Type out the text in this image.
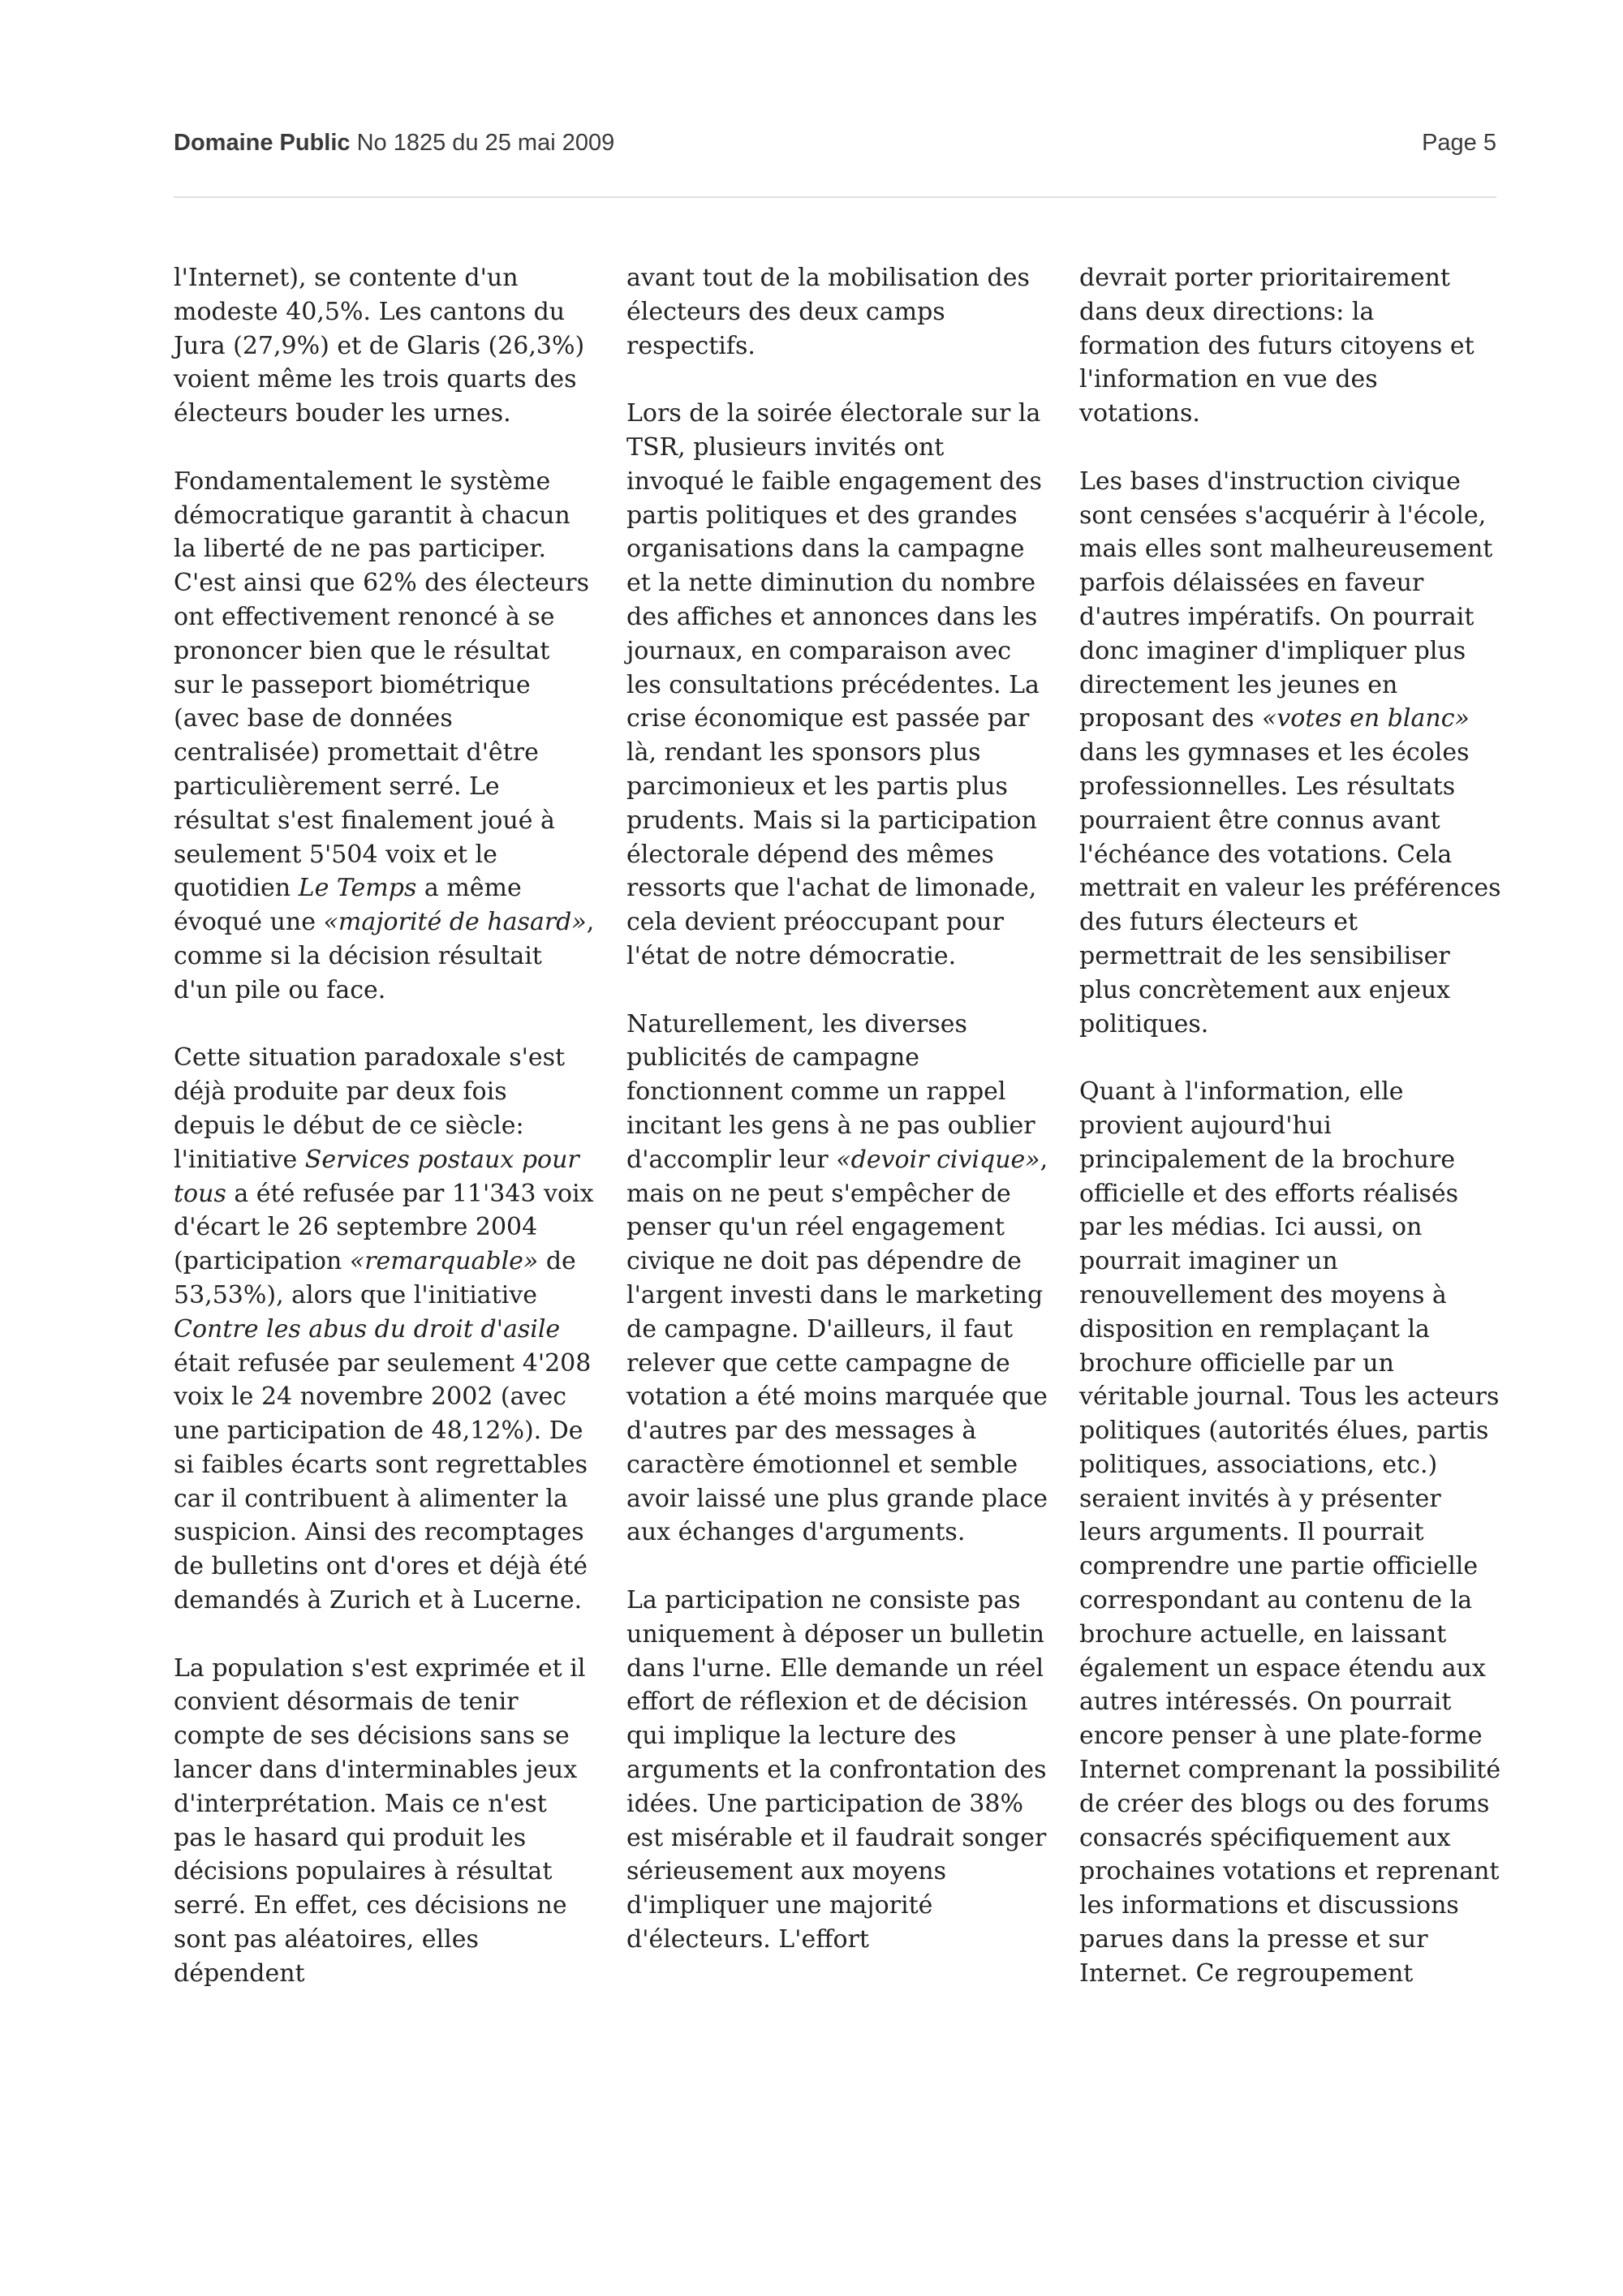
Domaine Public No 1825 du 25 mai 2009	Page 5

l'Internet), se contente d'un modeste 40,5%. Les cantons du Jura (27,9%) et de Glaris (26,3%) voient même les trois quarts des électeurs bouder les urnes.

Fondamentalement le système démocratique garantit à chacun la liberté de ne pas participer. C'est ainsi que 62% des électeurs ont effectivement renoncé à se prononcer bien que le résultat sur le passeport biométrique (avec base de données centralisée) promettait d'être particulièrement serré. Le résultat s'est finalement joué à seulement 5'504 voix et le quotidien Le Temps a même évoqué une «majorité de hasard», comme si la décision résultait d'un pile ou face.

Cette situation paradoxale s'est déjà produite par deux fois depuis le début de ce siècle: l'initiative Services postaux pour tous a été refusée par 11'343 voix d'écart le 26 septembre 2004 (participation «remarquable» de 53,53%), alors que l'initiative Contre les abus du droit d'asile était refusée par seulement 4'208 voix le 24 novembre 2002 (avec une participation de 48,12%). De si faibles écarts sont regrettables car il contribuent à alimenter la suspicion. Ainsi des recomptages de bulletins ont d'ores et déjà été demandés à Zurich et à Lucerne.

La population s'est exprimée et il convient désormais de tenir compte de ses décisions sans se lancer dans d'interminables jeux d'interprétation. Mais ce n'est pas le hasard qui produit les décisions populaires à résultat serré. En effet, ces décisions ne sont pas aléatoires, elles dépendent

avant tout de la mobilisation des électeurs des deux camps respectifs.

Lors de la soirée électorale sur la TSR, plusieurs invités ont invoqué le faible engagement des partis politiques et des grandes organisations dans la campagne et la nette diminution du nombre des affiches et annonces dans les journaux, en comparaison avec les consultations précédentes. La crise économique est passée par là, rendant les sponsors plus parcimonieux et les partis plus prudents. Mais si la participation électorale dépend des mêmes ressorts que l'achat de limonade, cela devient préoccupant pour l'état de notre démocratie.

Naturellement, les diverses publicités de campagne fonctionnent comme un rappel incitant les gens à ne pas oublier d'accomplir leur «devoir civique», mais on ne peut s'empêcher de penser qu'un réel engagement civique ne doit pas dépendre de l'argent investi dans le marketing de campagne. D'ailleurs, il faut relever que cette campagne de votation a été moins marquée que d'autres par des messages à caractère émotionnel et semble avoir laissé une plus grande place aux échanges d'arguments.

La participation ne consiste pas uniquement à déposer un bulletin dans l'urne. Elle demande un réel effort de réflexion et de décision qui implique la lecture des arguments et la confrontation des idées. Une participation de 38% est misérable et il faudrait songer sérieusement aux moyens d'impliquer une majorité d'électeurs. L'effort

devrait porter prioritairement dans deux directions: la formation des futurs citoyens et l'information en vue des votations.

Les bases d'instruction civique sont censées s'acquérir à l'école, mais elles sont malheureusement parfois délaissées en faveur d'autres impératifs. On pourrait donc imaginer d'impliquer plus directement les jeunes en proposant des «votes en blanc» dans les gymnases et les écoles professionnelles. Les résultats pourraient être connus avant l'échéance des votations. Cela mettrait en valeur les préférences des futurs électeurs et permettrait de les sensibiliser plus concrètement aux enjeux politiques.

Quant à l'information, elle provient aujourd'hui principalement de la brochure officielle et des efforts réalisés par les médias. Ici aussi, on pourrait imaginer un renouvellement des moyens à disposition en remplaçant la brochure officielle par un véritable journal. Tous les acteurs politiques (autorités élues, partis politiques, associations, etc.) seraient invités à y présenter leurs arguments. Il pourrait comprendre une partie officielle correspondant au contenu de la brochure actuelle, en laissant également un espace étendu aux autres intéressés. On pourrait encore penser à une plate-forme Internet comprenant la possibilité de créer des blogs ou des forums consacrés spécifiquement aux prochaines votations et reprenant les informations et discussions parues dans la presse et sur Internet. Ce regroupement
